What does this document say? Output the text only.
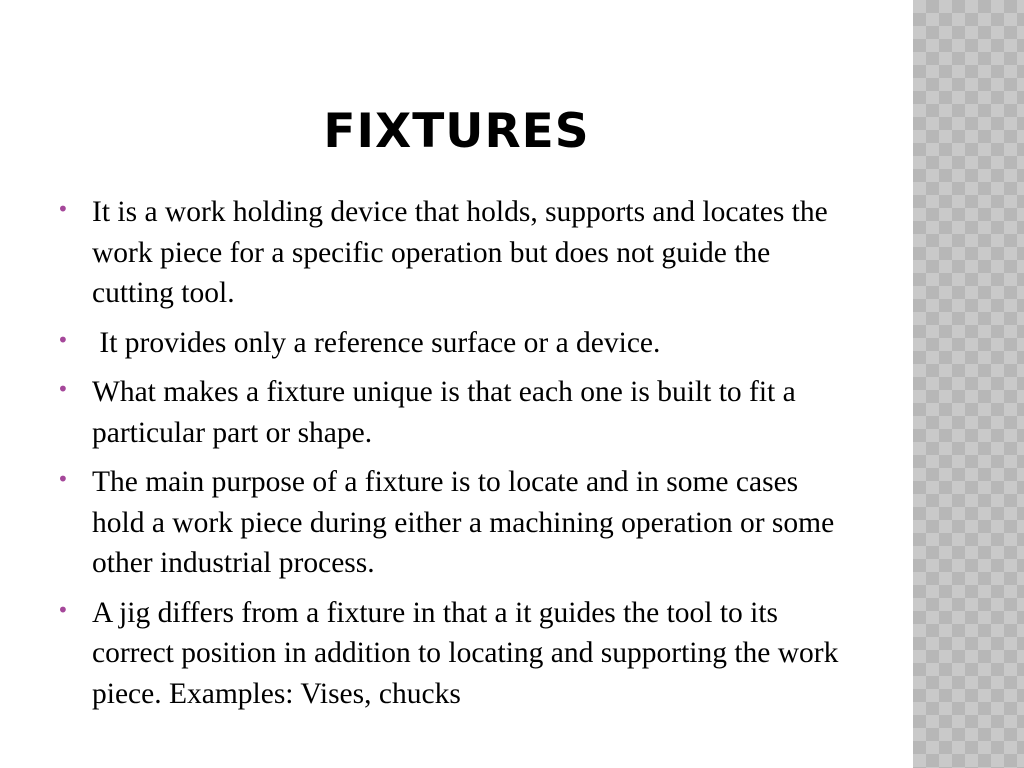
FIXTURES
• It is a work holding device that holds, supports and locates the work piece for a specific operation but does not guide the cutting tool.
• It provides only a reference surface or a device.
• What makes a fixture unique is that each one is built to fit a particular part or shape.
• The main purpose of a fixture is to locate and in some cases hold a work piece during either a machining operation or some other industrial process.
• A jig differs from a fixture in that a it guides the tool to its correct position in addition to locating and supporting the work piece. Examples: Vises, chucks
